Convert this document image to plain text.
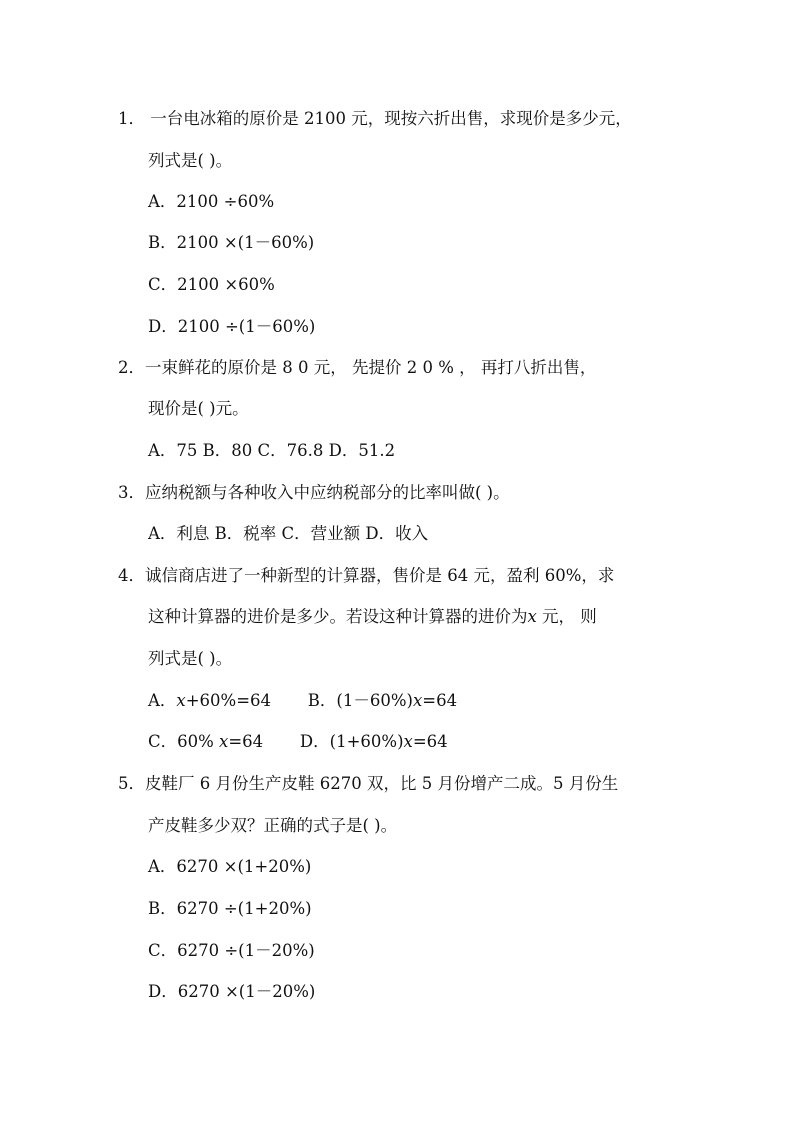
1． 一台电冰箱的原价是 2100 元，现按六折出售，求现价是多少元，
列式是( )。
A．2100 ÷60%
B．2100 ×(1－60%)
C．2100 ×60%
D．2100 ÷(1－60%)
2．一束鲜花的原价是 8 0 元， 先提价 2 0 % ， 再打八折出售，
现价是( )元。
A．75 B．80 C．76.8 D．51.2
3．应纳税额与各种收入中应纳税部分的比率叫做( )。
A．利息 B．税率 C．营业额 D．收入
4．诚信商店进了一种新型的计算器，售价是 64 元，盈利 60%，求
这种计算器的进价是多少。若设这种计算器的进价为x 元， 则
列式是( )。
A．x+60%=64 B．(1－60%)x=64
C．60% x=64 D．(1+60%)x=64
5．皮鞋厂 6 月份生产皮鞋 6270 双，比 5 月份增产二成。5 月份生
产皮鞋多少双？正确的式子是( )。
A．6270 ×(1+20%)
B．6270 ÷(1+20%)
C．6270 ÷(1－20%)
D．6270 ×(1－20%)
